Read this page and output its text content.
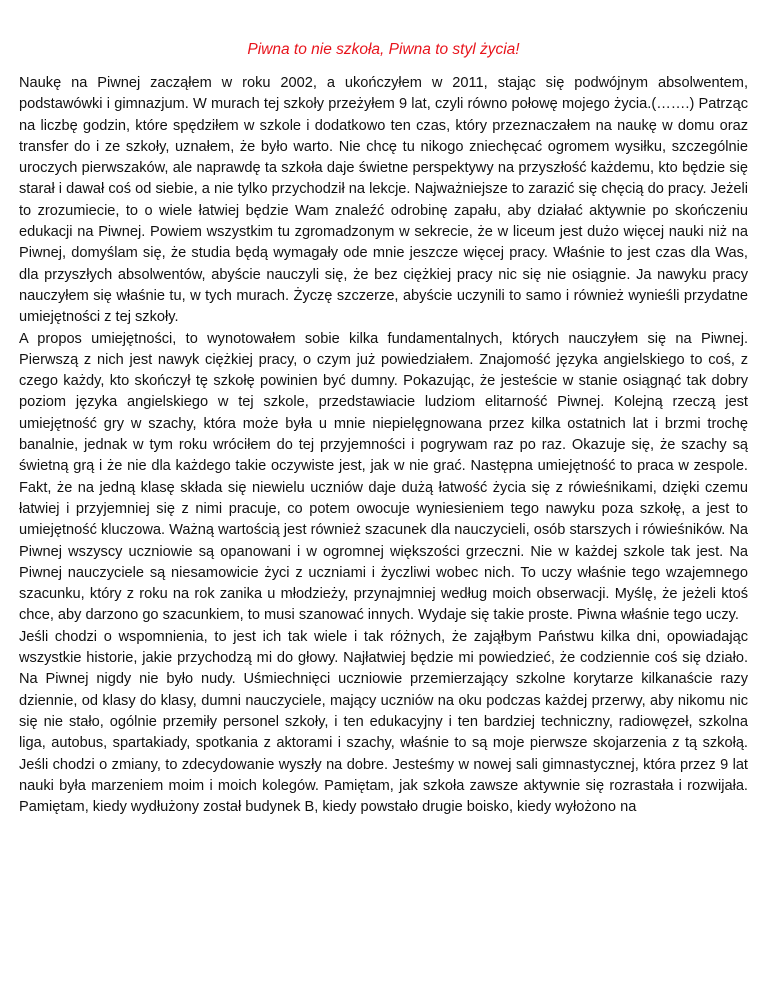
Piwna to nie szkoła, Piwna to styl życia!

Naukę na Piwnej zacząłem w roku 2002, a ukończyłem w 2011, stając się podwójnym absolwentem, podstawówki i gimnazjum. W murach tej szkoły przeżyłem 9 lat, czyli równo połowę mojego życia.(…….) Patrząc na liczbę godzin, które spędziłem w szkole i dodatkowo ten czas, który przeznaczałem na naukę w domu oraz transfer do i ze szkoły, uznałem, że było warto. Nie chcę tu nikogo zniechęcać ogromem wysiłku, szczególnie uroczych pierwszaków, ale naprawdę ta szkoła daje świetne perspektywy na przyszłość każdemu, kto będzie się starał i dawał coś od siebie, a nie tylko przychodził na lekcje. Najważniejsze to zarazić się chęcią do pracy. Jeżeli to zrozumiecie, to o wiele łatwiej będzie Wam znaleźć odrobinę zapału, aby działać aktywnie po skończeniu edukacji na Piwnej. Powiem wszystkim tu zgromadzonym w sekrecie, że w liceum jest dużo więcej nauki niż na Piwnej, domyślam się, że studia będą wymagały ode mnie jeszcze więcej pracy. Właśnie to jest czas dla Was, dla przyszłych absolwentów, abyście nauczyli się, że bez ciężkiej pracy nic się nie osiągnie. Ja nawyku pracy nauczyłem się właśnie tu, w tych murach. Życzę szczerze, abyście uczynili to samo i również wynieśli przydatne umiejętności z tej szkoły.

A propos umiejętności, to wynotowałem sobie kilka fundamentalnych, których nauczyłem się na Piwnej. Pierwszą z nich jest nawyk ciężkiej pracy, o czym już powiedziałem. Znajomość języka angielskiego to coś, z czego każdy, kto skończył tę szkołę powinien być dumny. Pokazując, że jesteście w stanie osiągnąć tak dobry poziom języka angielskiego w tej szkole, przedstawiacie ludziom elitarność Piwnej. Kolejną rzeczą jest umiejętność gry w szachy, która może była u mnie niepielęgnowana przez kilka ostatnich lat i brzmi trochę banalnie, jednak w tym roku wróciłem do tej przyjemności i pogrywam raz po raz. Okazuje się, że szachy są świetną grą i że nie dla każdego takie oczywiste jest, jak w nie grać. Następna umiejętność to praca w zespole. Fakt, że na jedną klasę składa się niewielu uczniów daje dużą łatwość życia się z rówieśnikami, dzięki czemu łatwiej i przyjemniej się z nimi pracuje, co potem owocuje wyniesieniem tego nawyku poza szkołę, a jest to umiejętność kluczowa. Ważną wartością jest również szacunek dla nauczycieli, osób starszych i rówieśników. Na Piwnej wszyscy uczniowie są opanowani i w ogromnej większości grzeczni. Nie w każdej szkole tak jest. Na Piwnej nauczyciele są niesamowicie życi z uczniami i życzliwi wobec nich. To uczy właśnie tego wzajemnego szacunku, który z roku na rok zanika u młodzieży, przynajmniej według moich obserwacji. Myślę, że jeżeli ktoś chce, aby darzono go szacunkiem, to musi szanować innych. Wydaje się takie proste. Piwna właśnie tego uczy.

Jeśli chodzi o wspomnienia, to jest ich tak wiele i tak różnych, że zająłbym Państwu kilka dni, opowiadając wszystkie historie, jakie przychodzą mi do głowy. Najłatwiej będzie mi powiedzieć, że codziennie coś się działo. Na Piwnej nigdy nie było nudy. Uśmiechnięci uczniowie przemierzający szkolne korytarze kilkanaście razy dziennie, od klasy do klasy, dumni nauczyciele, mający uczniów na oku podczas każdej przerwy, aby nikomu nic się nie stało, ogólnie przemiły personel szkoły, i ten edukacyjny i ten bardziej techniczny, radiowęzeł, szkolna liga, autobus, spartakiady, spotkania z aktorami i szachy, właśnie to są moje pierwsze skojarzenia z tą szkołą. Jeśli chodzi o zmiany, to zdecydowanie wyszły na dobre. Jesteśmy w nowej sali gimnastycznej, która przez 9 lat nauki była marzeniem moim i moich kolegów. Pamiętam, jak szkoła zawsze aktywnie się rozrastała i rozwijała. Pamiętam, kiedy wydłużony został budynek B, kiedy powstało drugie boisko, kiedy wyłożono na
